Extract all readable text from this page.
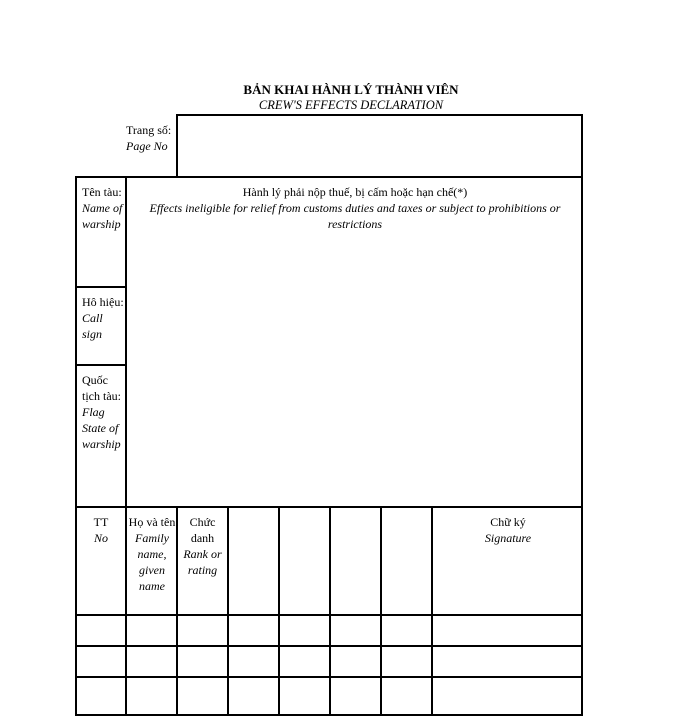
BẢN KHAI HÀNH LÝ THÀNH VIÊN
CREW'S EFFECTS DECLARATION
Trang số:
Page No
Tên tàu:
Name of warship
Hô hiệu:
Call sign
Quốc tịch tàu:
Flag State of warship
Hành lý phải nộp thuế, bị cấm hoặc hạn chế(*)
Effects ineligible for relief from customs duties and taxes or subject to prohibitions or restrictions
TT
No
Họ và tên
Family name, given name
Chức danh
Rank or rating
Chữ ký
Signature
